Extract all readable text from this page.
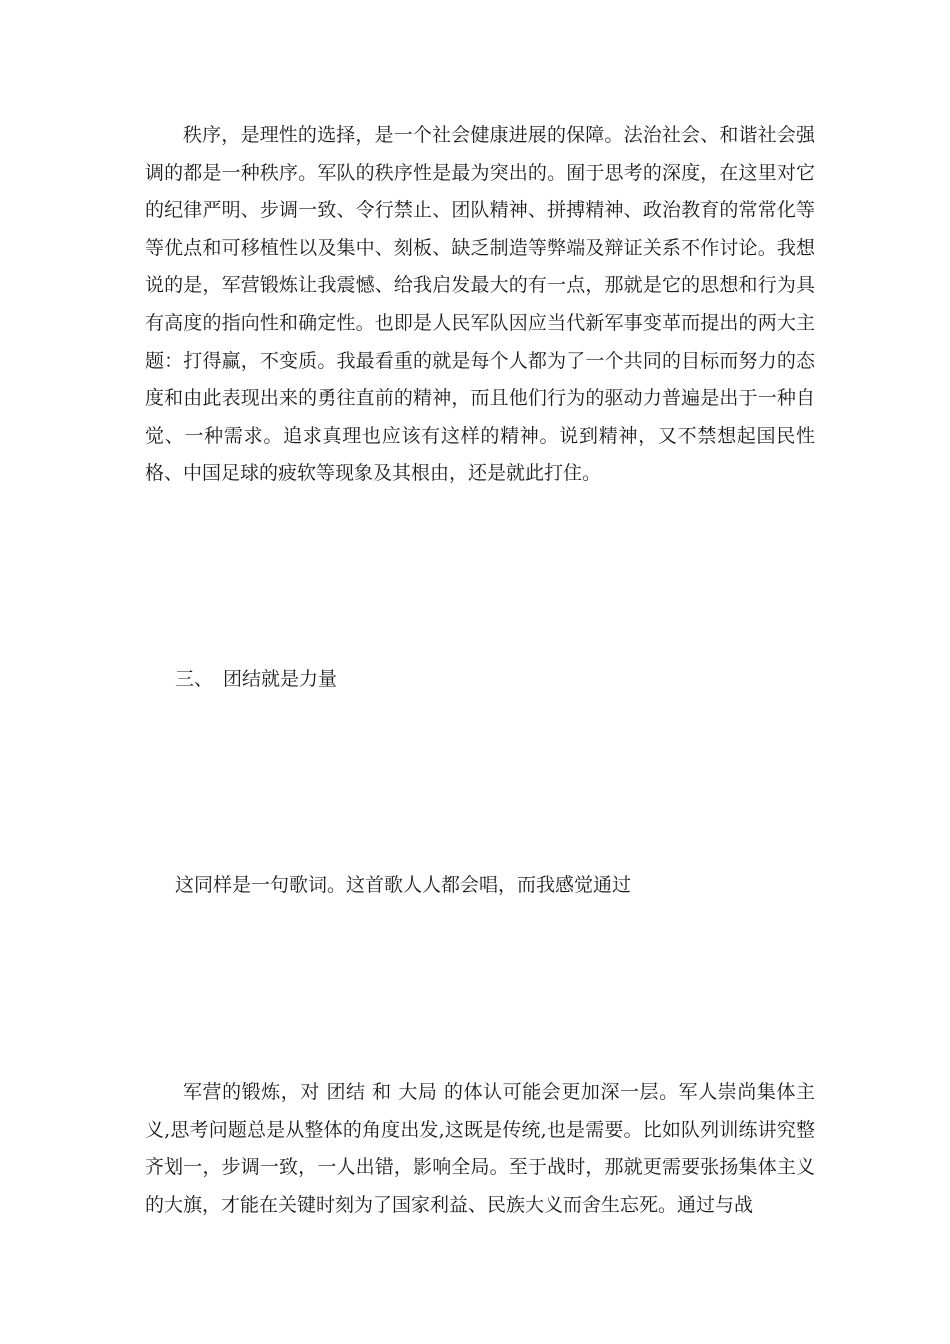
秩序，是理性的选择，是一个社会健康进展的保障。法治社会、和谐社会强调的都是一种秩序。军队的秩序性是最为突出的。囿于思考的深度，在这里对它的纪律严明、步调一致、令行禁止、团队精神、拼搏精神、政治教育的常常化等等优点和可移植性以及集中、刻板、缺乏制造等弊端及辩证关系不作讨论。我想说的是，军营锻炼让我震憾、给我启发最大的有一点，那就是它的思想和行为具有高度的指向性和确定性。也即是人民军队因应当代新军事变革而提出的两大主题：打得赢，不变质。我最看重的就是每个人都为了一个共同的目标而努力的态度和由此表现出来的勇往直前的精神，而且他们行为的驱动力普遍是出于一种自觉、一种需求。追求真理也应该有这样的精神。说到精神，又不禁想起国民性格、中国足球的疲软等现象及其根由，还是就此打住。

三、 团结就是力量

这同样是一句歌词。这首歌人人都会唱，而我感觉通过

军营的锻炼，对 团结 和 大局 的体认可能会更加深一层。军人崇尚集体主义,思考问题总是从整体的角度出发,这既是传统,也是需要。比如队列训练讲究整齐划一，步调一致，一人出错，影响全局。至于战时，那就更需要张扬集体主义的大旗，才能在关键时刻为了国家利益、民族大义而舍生忘死。通过与战
